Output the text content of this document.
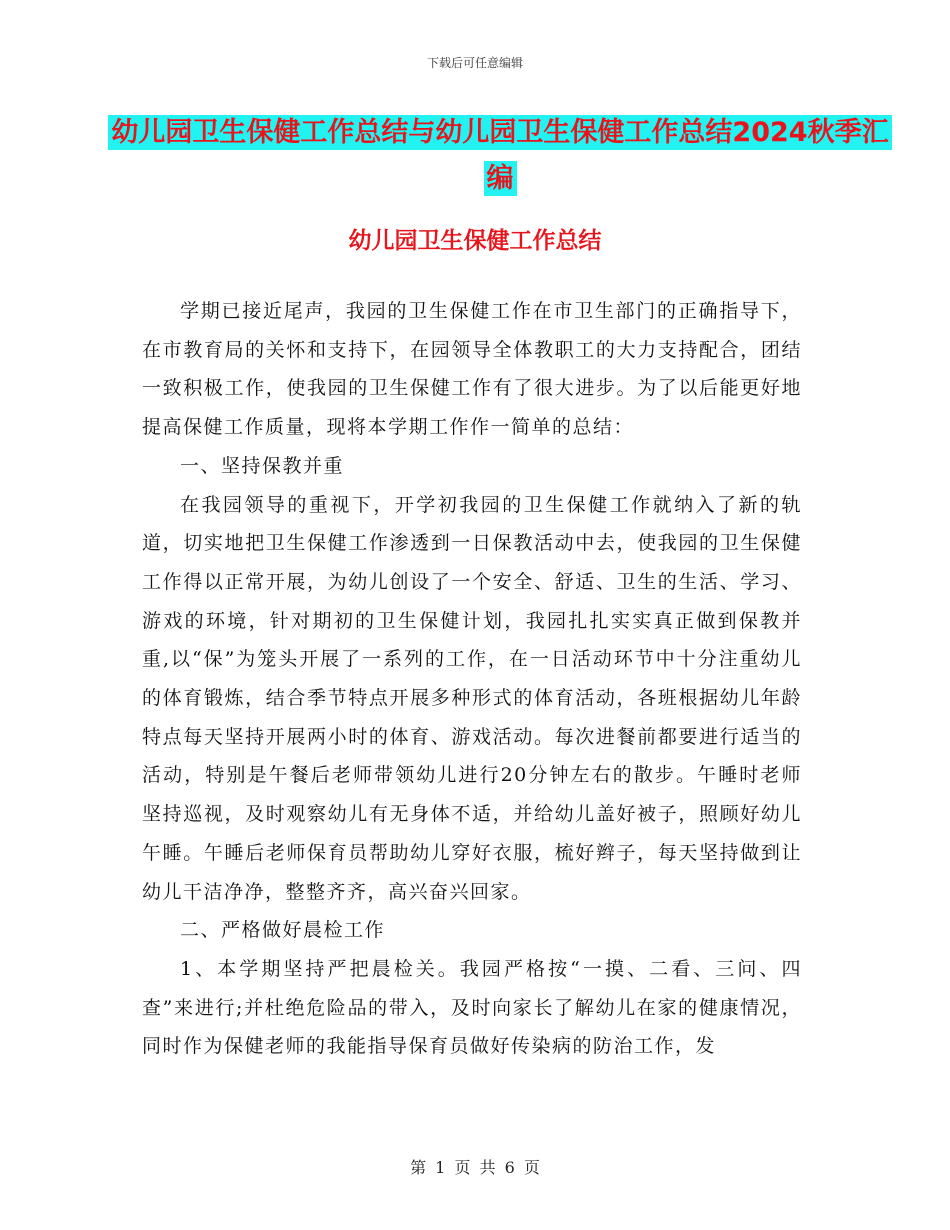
下载后可任意编辑
幼儿园卫生保健工作总结与幼儿园卫生保健工作总结2024秋季汇编
幼儿园卫生保健工作总结

学期已接近尾声，我园的卫生保健工作在市卫生部门的正确指导下，在市教育局的关怀和支持下，在园领导全体教职工的大力支持配合，团结一致积极工作，使我园的卫生保健工作有了很大进步。为了以后能更好地提高保健工作质量，现将本学期工作作一简单的总结：

一、坚持保教并重

在我园领导的重视下，开学初我园的卫生保健工作就纳入了新的轨道，切实地把卫生保健工作渗透到一日保教活动中去，使我园的卫生保健工作得以正常开展，为幼儿创设了一个安全、舒适、卫生的生活、学习、游戏的环境，针对期初的卫生保健计划，我园扎扎实实真正做到保教并重,以“保”为笼头开展了一系列的工作，在一日活动环节中十分注重幼儿的体育锻炼，结合季节特点开展多种形式的体育活动，各班根据幼儿年龄特点每天坚持开展两小时的体育、游戏活动。每次进餐前都要进行适当的活动，特别是午餐后老师带领幼儿进行20分钟左右的散步。午睡时老师坚持巡视，及时观察幼儿有无身体不适，并给幼儿盖好被子，照顾好幼儿午睡。午睡后老师保育员帮助幼儿穿好衣服，梳好辫子，每天坚持做到让幼儿干洁净净，整整齐齐，高兴奋兴回家。

二、严格做好晨检工作

1、本学期坚持严把晨检关。我园严格按“一摸、二看、三问、四查”来进行;并杜绝危险品的带入，及时向家长了解幼儿在家的健康情况，同时作为保健老师的我能指导保育员做好传染病的防治工作，发

第 1 页 共 6 页
